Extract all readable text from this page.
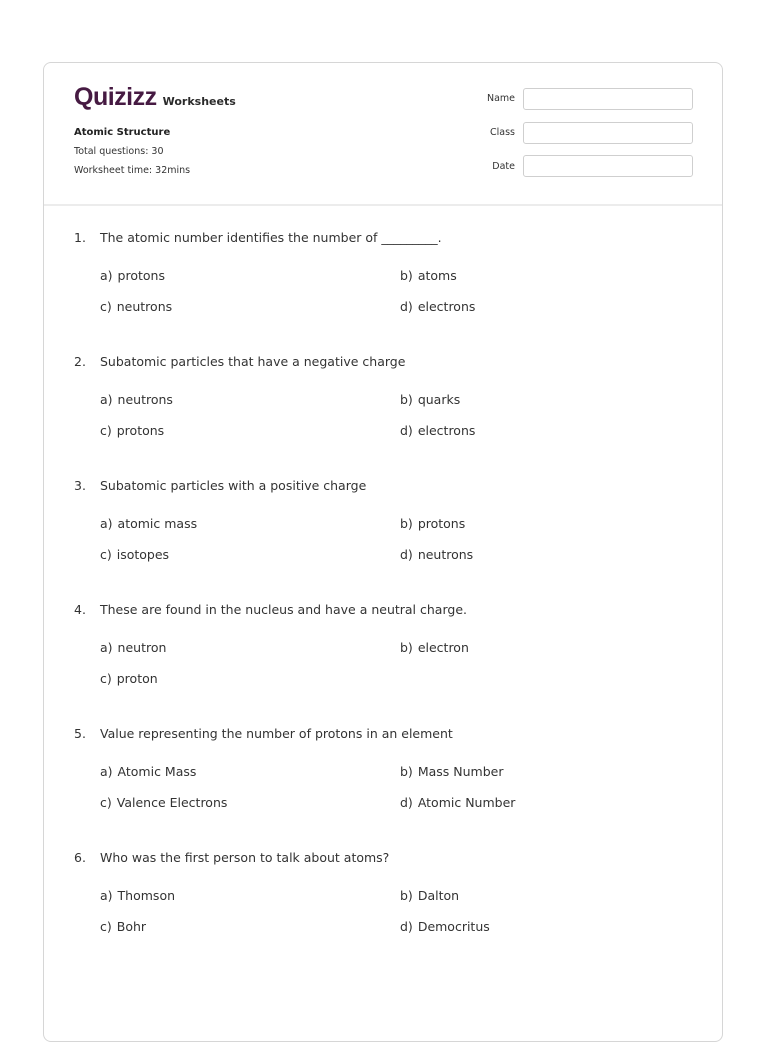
Quizizz Worksheets
Atomic Structure
Total questions: 30
Worksheet time: 32mins
Name
Class
Date
1. The atomic number identifies the number of _________.
a) protons	b) atoms
c) neutrons	d) electrons
2. Subatomic particles that have a negative charge
a) neutrons	b) quarks
c) protons	d) electrons
3. Subatomic particles with a positive charge
a) atomic mass	b) protons
c) isotopes	d) neutrons
4. These are found in the nucleus and have a neutral charge.
a) neutron	b) electron
c) proton
5. Value representing the number of protons in an element
a) Atomic Mass	b) Mass Number
c) Valence Electrons	d) Atomic Number
6. Who was the first person to talk about atoms?
a) Thomson	b) Dalton
c) Bohr	d) Democritus
